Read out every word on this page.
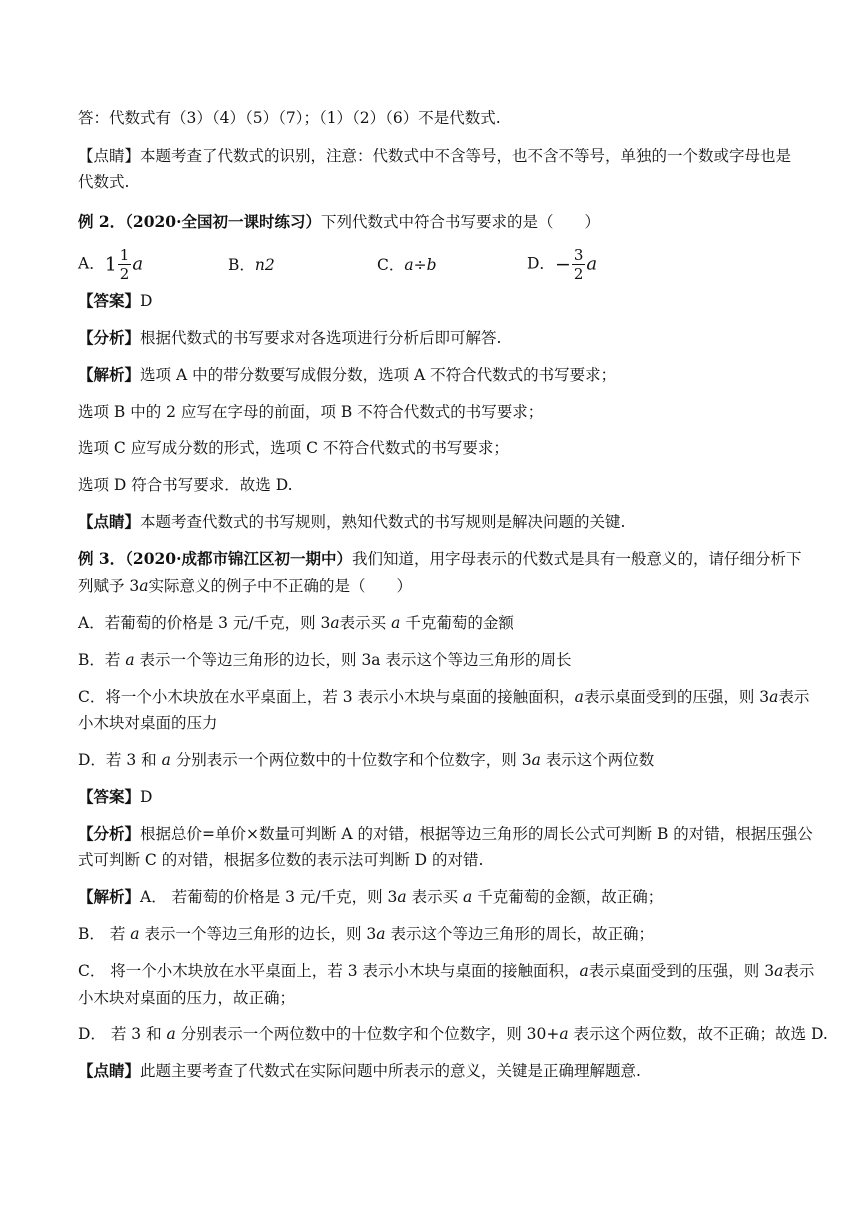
答：代数式有（3）（4）（5）（7）；（1）（2）（6）不是代数式.
【点睛】本题考查了代数式的识别，注意：代数式中不含等号，也不含不等号，单独的一个数或字母也是
代数式.
例 2．（2020·全国初一课时练习）下列代数式中符合书写要求的是（　　）
A．$1 \frac{1}{2}$ a	B．n2	C．a÷b	D．− $\frac{3}{2}$ a
【答案】D
【分析】根据代数式的书写要求对各选项进行分析后即可解答.
【解析】选项 A 中的带分数要写成假分数，选项 A 不符合代数式的书写要求；
选项 B 中的 2 应写在字母的前面，项 B 不符合代数式的书写要求；
选项 C 应写成分数的形式，选项 C 不符合代数式的书写要求；
选项 D 符合书写要求．故选 D.
【点睛】本题考查代数式的书写规则，熟知代数式的书写规则是解决问题的关键.
例 3．（2020·成都市锦江区初一期中）我们知道，用字母表示的代数式是具有一般意义的，请仔细分析下
列赋予 3a实际意义的例子中不正确的是（　　）
A．若葡萄的价格是 3 元/千克，则 3a表示买 a 千克葡萄的金额
B．若 a 表示一个等边三角形的边长，则 3a 表示这个等边三角形的周长
C．将一个小木块放在水平桌面上，若 3 表示小木块与桌面的接触面积，a表示桌面受到的压强，则 3a表示
小木块对桌面的压力
D．若 3 和 a 分别表示一个两位数中的十位数字和个位数字，则 3a 表示这个两位数
【答案】D
【分析】根据总价=单价×数量可判断 A 的对错，根据等边三角形的周长公式可判断 B 的对错，根据压强公
式可判断 C 的对错，根据多位数的表示法可判断 D 的对错.
【解析】A． 若葡萄的价格是 3 元/千克，则 3a 表示买 a 千克葡萄的金额，故正确；
B． 若 a 表示一个等边三角形的边长，则 3a 表示这个等边三角形的周长，故正确；
C． 将一个小木块放在水平桌面上，若 3 表示小木块与桌面的接触面积，a表示桌面受到的压强，则 3a表示
小木块对桌面的压力，故正确；
D． 若 3 和 a 分别表示一个两位数中的十位数字和个位数字，则 30+a 表示这个两位数，故不正确；故选 D.
【点睛】此题主要考查了代数式在实际问题中所表示的意义，关键是正确理解题意.
